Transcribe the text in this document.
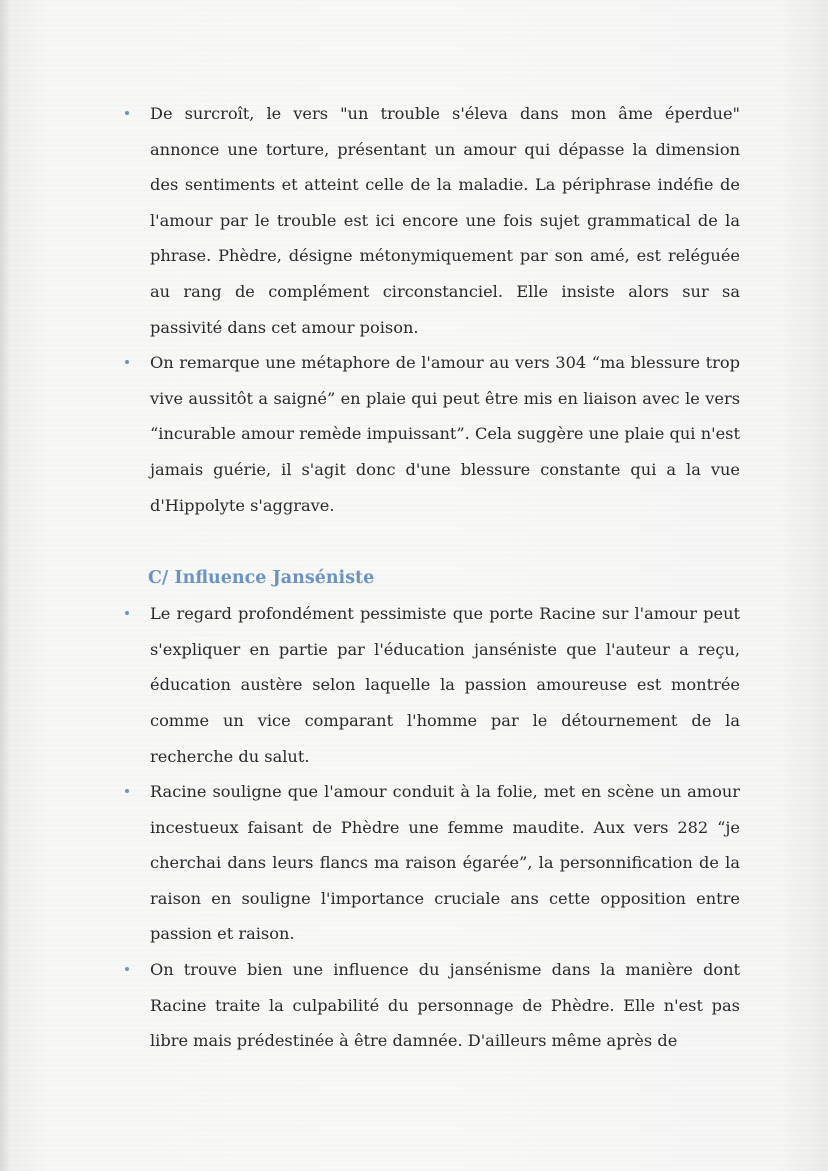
De surcroît, le vers "un trouble s'éleva dans mon âme éperdue" annonce une torture, présentant un amour qui dépasse la dimension des sentiments et atteint celle de la maladie. La périphrase indéfie de l'amour par le trouble est ici encore une fois sujet grammatical de la phrase. Phèdre, désigne métonymiquement par son amé, est reléguée au rang de complément circonstanciel. Elle insiste alors sur sa passivité dans cet amour poison.
On remarque une métaphore de l'amour au vers 304 “ma blessure trop vive aussitôt a saigné” en plaie qui peut être mis en liaison avec le vers “incurable amour remède impuissant”. Cela suggère une plaie qui n'est jamais guérie, il s'agit donc d'une blessure constante qui a la vue d'Hippolyte s'aggrave.
C/ Influence Janséniste
Le regard profondément pessimiste que porte Racine sur l'amour peut s'expliquer en partie par l'éducation janséniste que l'auteur a reçu, éducation austère selon laquelle la passion amoureuse est montrée comme un vice comparant l'homme par le détournement de la recherche du salut.
Racine souligne que l'amour conduit à la folie, met en scène un amour incestueux faisant de Phèdre une femme maudite. Aux vers 282 “je cherchai dans leurs flancs ma raison égarée”, la personnification de la raison en souligne l'importance cruciale ans cette opposition entre passion et raison.
On trouve bien une influence du jansénisme dans la manière dont Racine traite la culpabilité du personnage de Phèdre. Elle n'est pas libre mais prédestinée à être damnée. D'ailleurs même après de
